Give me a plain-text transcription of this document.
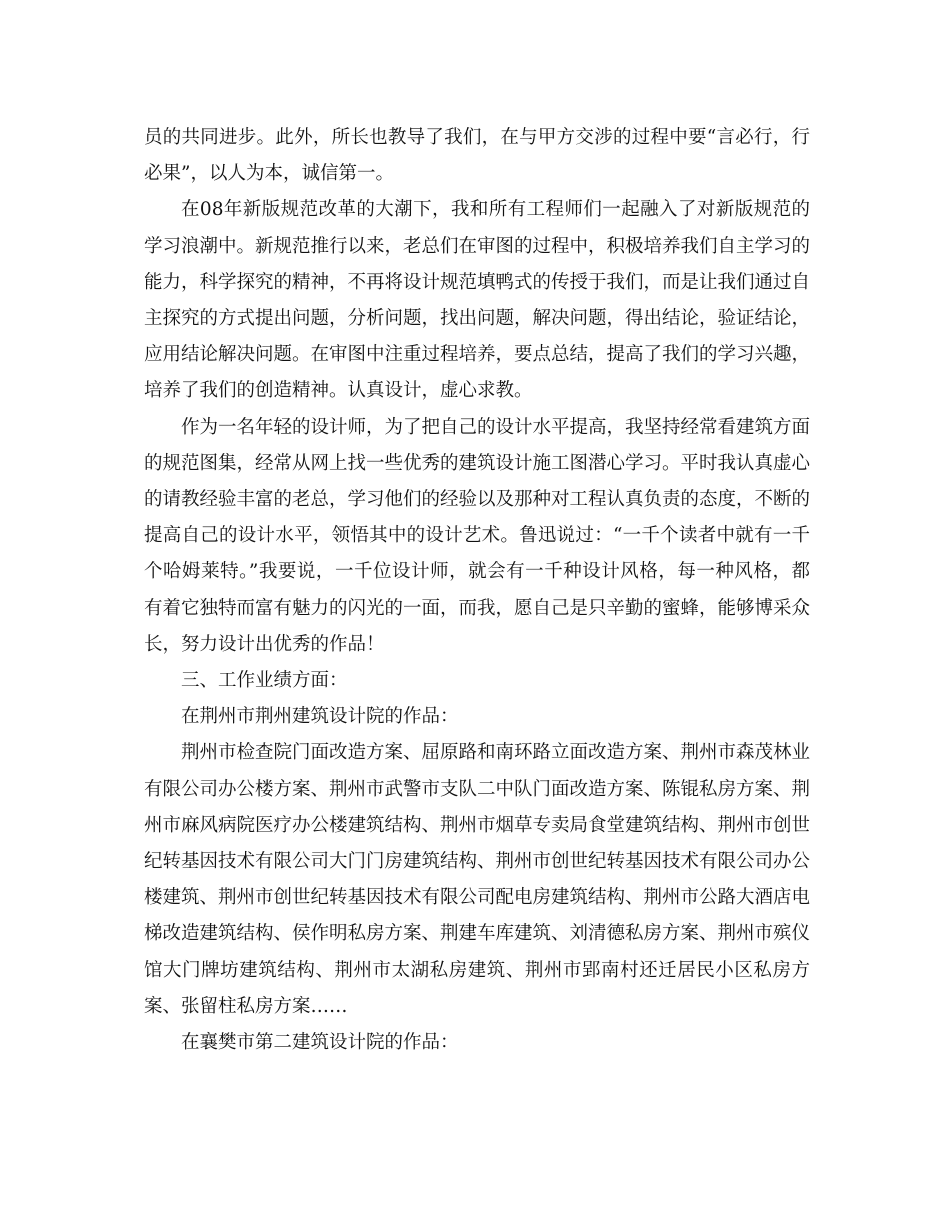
员的共同进步。此外，所长也教导了我们，在与甲方交涉的过程中要“言必行，行必果”，以人为本，诚信第一。

在08年新版规范改革的大潮下，我和所有工程师们一起融入了对新版规范的学习浪潮中。新规范推行以来，老总们在审图的过程中，积极培养我们自主学习的能力，科学探究的精神，不再将设计规范填鸭式的传授于我们，而是让我们通过自主探究的方式提出问题，分析问题，找出问题，解决问题，得出结论，验证结论，应用结论解决问题。在审图中注重过程培养，要点总结，提高了我们的学习兴趣，培养了我们的创造精神。认真设计，虚心求教。

作为一名年轻的设计师，为了把自己的设计水平提高，我坚持经常看建筑方面的规范图集，经常从网上找一些优秀的建筑设计施工图潜心学习。平时我认真虚心的请教经验丰富的老总，学习他们的经验以及那种对工程认真负责的态度，不断的提高自己的设计水平，领悟其中的设计艺术。鲁迅说过：“一千个读者中就有一千个哈姆莱特。”我要说，一千位设计师，就会有一千种设计风格，每一种风格，都有着它独特而富有魅力的闪光的一面，而我，愿自己是只辛勤的蜜蜂，能够博采众长，努力设计出优秀的作品！

三、工作业绩方面：

在荆州市荆州建筑设计院的作品：

荆州市检查院门面改造方案、屈原路和南环路立面改造方案、荆州市森茂林业有限公司办公楼方案、荆州市武警市支队二中队门面改造方案、陈锟私房方案、荆州市麻风病院医疗办公楼建筑结构、荆州市烟草专卖局食堂建筑结构、荆州市创世纪转基因技术有限公司大门门房建筑结构、荆州市创世纪转基因技术有限公司办公楼建筑、荆州市创世纪转基因技术有限公司配电房建筑结构、荆州市公路大酒店电梯改造建筑结构、侯作明私房方案、荆建车库建筑、刘清德私房方案、荆州市殡仪馆大门牌坊建筑结构、荆州市太湖私房建筑、荆州市郢南村还迁居民小区私房方案、张留柱私房方案……

在襄樊市第二建筑设计院的作品：
